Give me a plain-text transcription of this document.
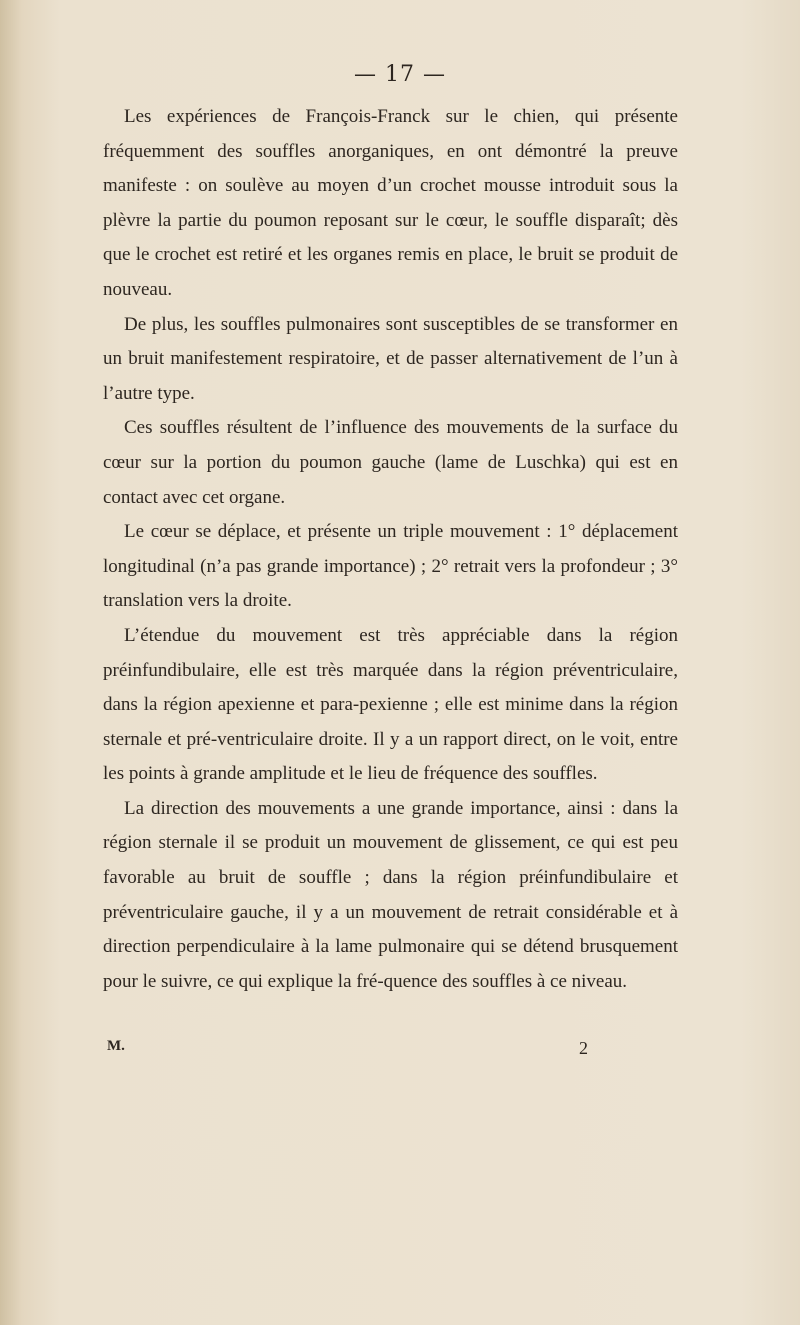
— 17 —

Les expériences de François-Franck sur le chien, qui présente fréquemment des souffles anorganiques, en ont démontré la preuve manifeste : on soulève au moyen d’un crochet mousse introduit sous la plèvre la partie du poumon reposant sur le cœur, le souffle disparaît; dès que le crochet est retiré et les organes remis en place, le bruit se produit de nouveau.

De plus, les souffles pulmonaires sont susceptibles de se transformer en un bruit manifestement respiratoire, et de passer alternativement de l’un à l’autre type.

Ces souffles résultent de l’influence des mouvements de la surface du cœur sur la portion du poumon gauche (lame de Luschka) qui est en contact avec cet organe.

Le cœur se déplace, et présente un triple mouvement : 1° déplacement longitudinal (n’a pas grande importance) ; 2° retrait vers la profondeur ; 3° translation vers la droite.

L’étendue du mouvement est très appréciable dans la région préinfundibulaire, elle est très marquée dans la région préventriculaire, dans la région apexienne et para-pexienne ; elle est minime dans la région sternale et pré-ventriculaire droite. Il y a un rapport direct, on le voit, entre les points à grande amplitude et le lieu de fréquence des souffles.

La direction des mouvements a une grande importance, ainsi : dans la région sternale il se produit un mouvement de glissement, ce qui est peu favorable au bruit de souffle ; dans la région préinfundibulaire et préventriculaire gauche, il y a un mouvement de retrait considérable et à direction perpendiculaire à la lame pulmonaire qui se détend brusquement pour le suivre, ce qui explique la fré-quence des souffles à ce niveau.

M.	2
